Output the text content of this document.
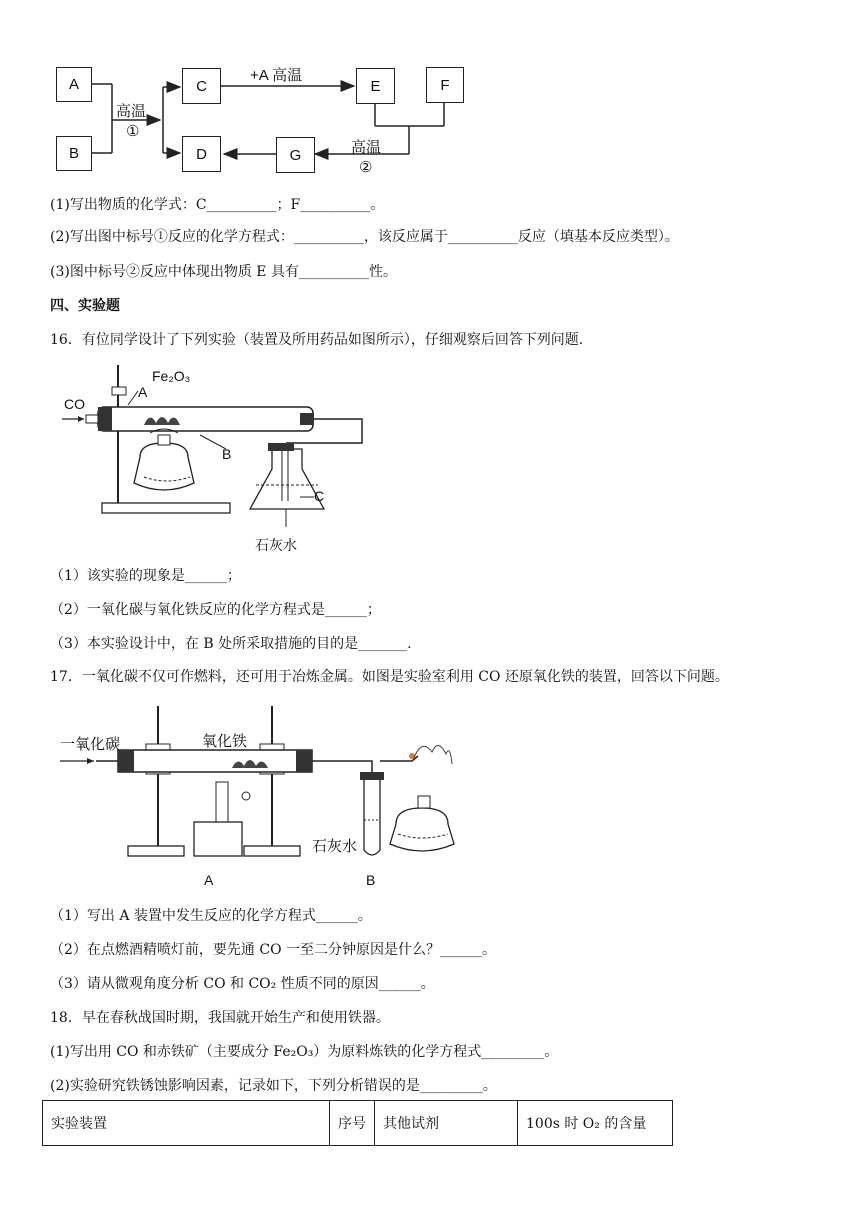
A
B
C
D
E	F
G
高温
①
+A 高温
高温
②
(1)写出物质的化学式：C__________；F__________。
(2)写出图中标号①反应的化学方程式：__________，该反应属于__________反应（填基本反应类型）。
(3)图中标号②反应中体现出物质 E 具有__________性。
四、实验题
16．有位同学设计了下列实验（装置及所用药品如图所示），仔细观察后回答下列问题.
CO
Fe₂O₃
A
B
C
石灰水
（1）该实验的现象是______；
（2）一氧化碳与氧化铁反应的化学方程式是______；
（3）本实验设计中，在 B 处所采取措施的目的是_______.
17．一氧化碳不仅可作燃料，还可用于冶炼金属。如图是实验室利用 CO 还原氧化铁的装置，回答以下问题。
一氧化碳	氧化铁
石灰水
A	B
（1）写出 A 装置中发生反应的化学方程式______。
（2）在点燃酒精喷灯前，要先通 CO 一至二分钟原因是什么？______。
（3）请从微观角度分析 CO 和 CO₂ 性质不同的原因______。
18．早在春秋战国时期，我国就开始生产和使用铁器。
(1)写出用 CO 和赤铁矿（主要成分 Fe₂O₃）为原料炼铁的化学方程式_________。
(2)实验研究铁锈蚀影响因素，记录如下，下列分析错误的是_________。
实验装置	序号	其他试剂	100s 时 O₂ 的含量
